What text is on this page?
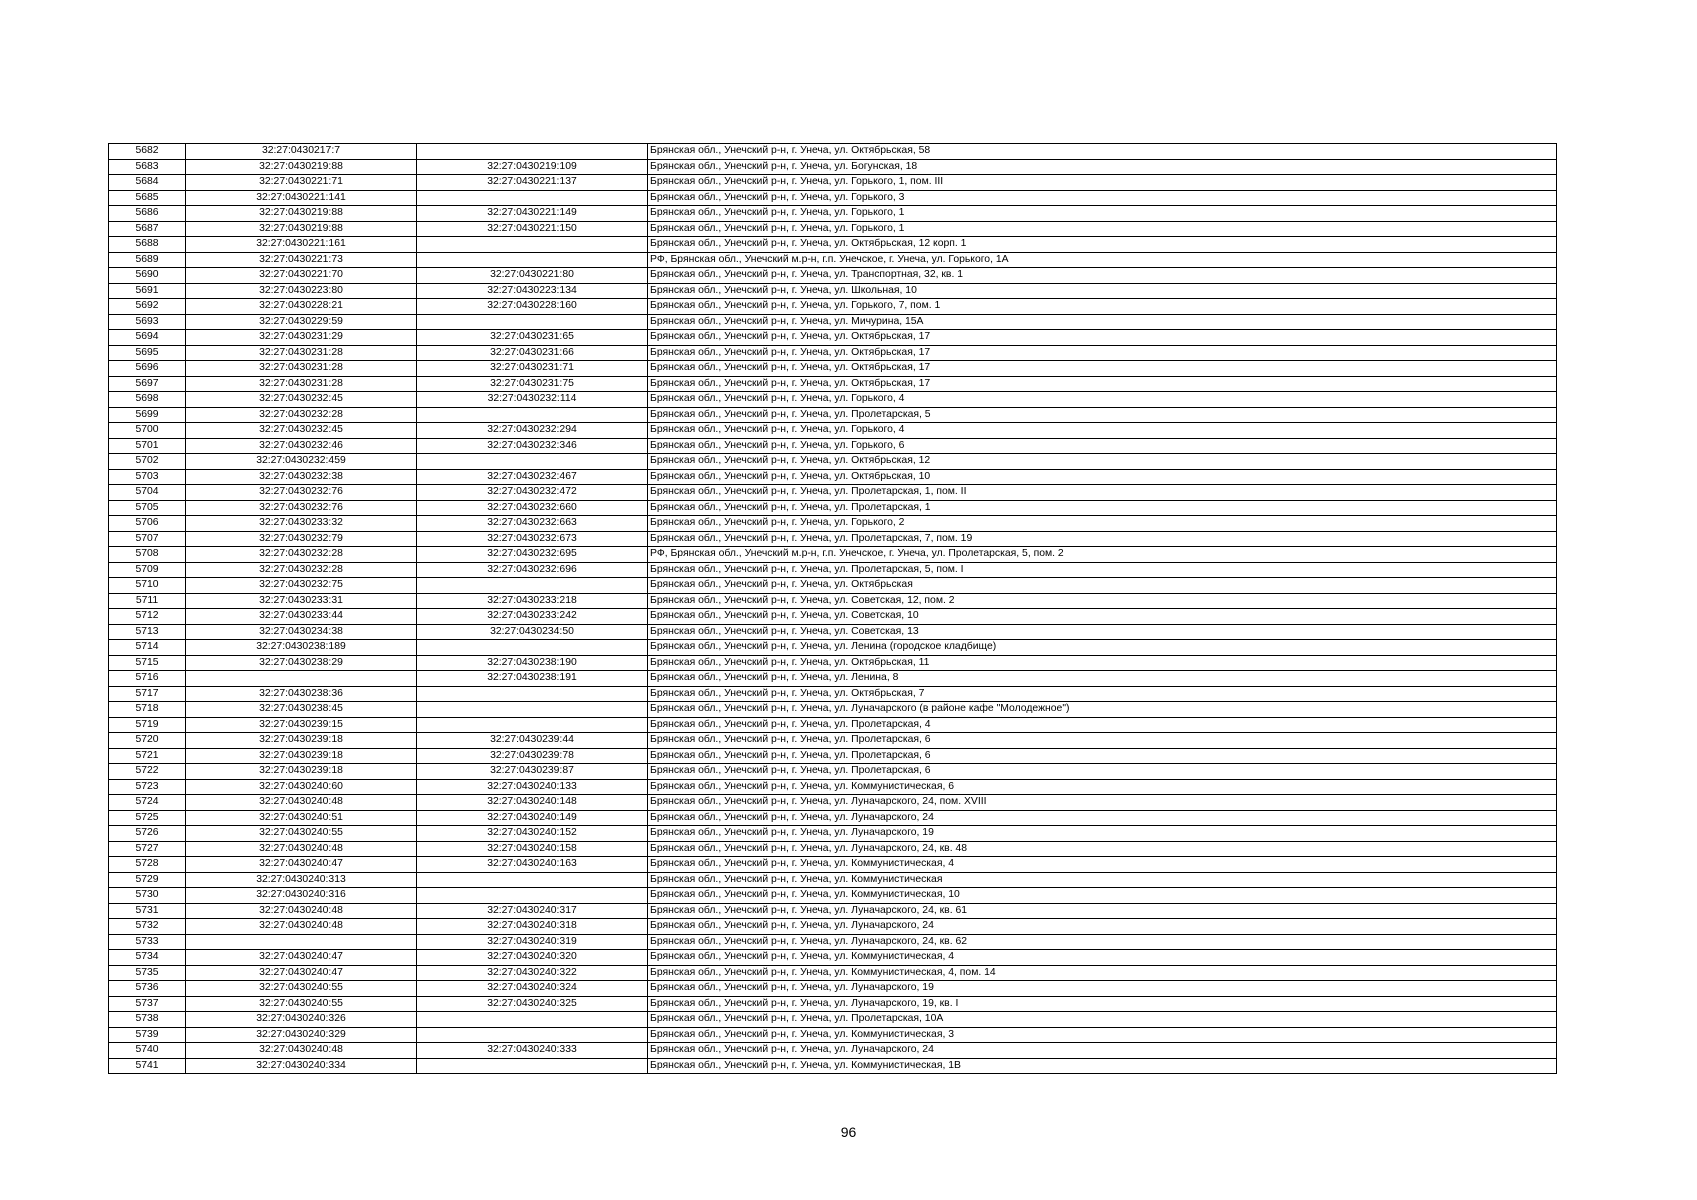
5682	32:27:0430217:7		Брянская обл., Унечский р-н, г. Унеча, ул. Октябрьская, 58
5683	32:27:0430219:88	32:27:0430219:109	Брянская обл., Унечский р-н, г. Унеча, ул. Богунская, 18
5684	32:27:0430221:71	32:27:0430221:137	Брянская обл., Унечский р-н, г. Унеча, ул. Горького, 1, пом. III
5685	32:27:0430221:141		Брянская обл., Унечский р-н, г. Унеча, ул. Горького, 3
5686	32:27:0430219:88	32:27:0430221:149	Брянская обл., Унечский р-н, г. Унеча, ул. Горького, 1
5687	32:27:0430219:88	32:27:0430221:150	Брянская обл., Унечский р-н, г. Унеча, ул. Горького, 1
5688	32:27:0430221:161		Брянская обл., Унечский р-н, г. Унеча, ул. Октябрьская, 12 корп. 1
5689	32:27:0430221:73		РФ, Брянская обл., Унечский м.р-н, г.п. Унечское, г. Унеча, ул. Горького, 1А
5690	32:27:0430221:70	32:27:0430221:80	Брянская обл., Унечский р-н, г. Унеча, ул. Транспортная, 32, кв. 1
5691	32:27:0430223:80	32:27:0430223:134	Брянская обл., Унечский р-н, г. Унеча, ул. Школьная, 10
5692	32:27:0430228:21	32:27:0430228:160	Брянская обл., Унечский р-н, г. Унеча, ул. Горького, 7, пом. 1
5693	32:27:0430229:59		Брянская обл., Унечский р-н, г. Унеча, ул. Мичурина, 15А
5694	32:27:0430231:29	32:27:0430231:65	Брянская обл., Унечский р-н, г. Унеча, ул. Октябрьская, 17
5695	32:27:0430231:28	32:27:0430231:66	Брянская обл., Унечский р-н, г. Унеча, ул. Октябрьская, 17
5696	32:27:0430231:28	32:27:0430231:71	Брянская обл., Унечский р-н, г. Унеча, ул. Октябрьская, 17
5697	32:27:0430231:28	32:27:0430231:75	Брянская обл., Унечский р-н, г. Унеча, ул. Октябрьская, 17
5698	32:27:0430232:45	32:27:0430232:114	Брянская обл., Унечский р-н, г. Унеча, ул. Горького, 4
5699	32:27:0430232:28		Брянская обл., Унечский р-н, г. Унеча, ул. Пролетарская, 5
5700	32:27:0430232:45	32:27:0430232:294	Брянская обл., Унечский р-н, г. Унеча, ул. Горького, 4
5701	32:27:0430232:46	32:27:0430232:346	Брянская обл., Унечский р-н, г. Унеча, ул. Горького, 6
5702	32:27:0430232:459		Брянская обл., Унечский р-н, г. Унеча, ул. Октябрьская, 12
5703	32:27:0430232:38	32:27:0430232:467	Брянская обл., Унечский р-н, г. Унеча, ул. Октябрьская, 10
5704	32:27:0430232:76	32:27:0430232:472	Брянская обл., Унечский р-н, г. Унеча, ул. Пролетарская, 1, пом. II
5705	32:27:0430232:76	32:27:0430232:660	Брянская обл., Унечский р-н, г. Унеча, ул. Пролетарская, 1
5706	32:27:0430233:32	32:27:0430232:663	Брянская обл., Унечский р-н, г. Унеча, ул. Горького, 2
5707	32:27:0430232:79	32:27:0430232:673	Брянская обл., Унечский р-н, г. Унеча, ул. Пролетарская, 7, пом. 19
5708	32:27:0430232:28	32:27:0430232:695	РФ, Брянская обл., Унечский м.р-н, г.п. Унечское, г. Унеча, ул. Пролетарская, 5, пом. 2
5709	32:27:0430232:28	32:27:0430232:696	Брянская обл., Унечский р-н, г. Унеча, ул. Пролетарская, 5, пом. I
5710	32:27:0430232:75		Брянская обл., Унечский р-н, г. Унеча, ул. Октябрьская
5711	32:27:0430233:31	32:27:0430233:218	Брянская обл., Унечский р-н, г. Унеча, ул. Советская, 12, пом. 2
5712	32:27:0430233:44	32:27:0430233:242	Брянская обл., Унечский р-н, г. Унеча, ул. Советская, 10
5713	32:27:0430234:38	32:27:0430234:50	Брянская обл., Унечский р-н, г. Унеча, ул. Советская, 13
5714	32:27:0430238:189		Брянская обл., Унечский р-н, г. Унеча, ул. Ленина (городское кладбище)
5715	32:27:0430238:29	32:27:0430238:190	Брянская обл., Унечский р-н, г. Унеча, ул. Октябрьская, 11
5716		32:27:0430238:191	Брянская обл., Унечский р-н, г. Унеча, ул. Ленина, 8
5717	32:27:0430238:36		Брянская обл., Унечский р-н, г. Унеча, ул. Октябрьская, 7
5718	32:27:0430238:45		Брянская обл., Унечский р-н, г. Унеча, ул. Луначарского (в районе кафе "Молодежное")
5719	32:27:0430239:15		Брянская обл., Унечский р-н, г. Унеча, ул. Пролетарская, 4
5720	32:27:0430239:18	32:27:0430239:44	Брянская обл., Унечский р-н, г. Унеча, ул. Пролетарская, 6
5721	32:27:0430239:18	32:27:0430239:78	Брянская обл., Унечский р-н, г. Унеча, ул. Пролетарская, 6
5722	32:27:0430239:18	32:27:0430239:87	Брянская обл., Унечский р-н, г. Унеча, ул. Пролетарская, 6
5723	32:27:0430240:60	32:27:0430240:133	Брянская обл., Унечский р-н, г. Унеча, ул. Коммунистическая, 6
5724	32:27:0430240:48	32:27:0430240:148	Брянская обл., Унечский р-н, г. Унеча, ул. Луначарского, 24, пом. XVIII
5725	32:27:0430240:51	32:27:0430240:149	Брянская обл., Унечский р-н, г. Унеча, ул. Луначарского, 24
5726	32:27:0430240:55	32:27:0430240:152	Брянская обл., Унечский р-н, г. Унеча, ул. Луначарского, 19
5727	32:27:0430240:48	32:27:0430240:158	Брянская обл., Унечский р-н, г. Унеча, ул. Луначарского, 24, кв. 48
5728	32:27:0430240:47	32:27:0430240:163	Брянская обл., Унечский р-н, г. Унеча, ул. Коммунистическая, 4
5729	32:27:0430240:313		Брянская обл., Унечский р-н, г. Унеча, ул. Коммунистическая
5730	32:27:0430240:316		Брянская обл., Унечский р-н, г. Унеча, ул. Коммунистическая, 10
5731	32:27:0430240:48	32:27:0430240:317	Брянская обл., Унечский р-н, г. Унеча, ул. Луначарского, 24, кв. 61
5732	32:27:0430240:48	32:27:0430240:318	Брянская обл., Унечский р-н, г. Унеча, ул. Луначарского, 24
5733		32:27:0430240:319	Брянская обл., Унечский р-н, г. Унеча, ул. Луначарского, 24, кв. 62
5734	32:27:0430240:47	32:27:0430240:320	Брянская обл., Унечский р-н, г. Унеча, ул. Коммунистическая, 4
5735	32:27:0430240:47	32:27:0430240:322	Брянская обл., Унечский р-н, г. Унеча, ул. Коммунистическая, 4, пом. 14
5736	32:27:0430240:55	32:27:0430240:324	Брянская обл., Унечский р-н, г. Унеча, ул. Луначарского, 19
5737	32:27:0430240:55	32:27:0430240:325	Брянская обл., Унечский р-н, г. Унеча, ул. Луначарского, 19, кв. I
5738	32:27:0430240:326		Брянская обл., Унечский р-н, г. Унеча, ул. Пролетарская, 10А
5739	32:27:0430240:329		Брянская обл., Унечский р-н, г. Унеча, ул. Коммунистическая, 3
5740	32:27:0430240:48	32:27:0430240:333	Брянская обл., Унечский р-н, г. Унеча, ул. Луначарского, 24
5741	32:27:0430240:334		Брянская обл., Унечский р-н, г. Унеча, ул. Коммунистическая, 1В
96
